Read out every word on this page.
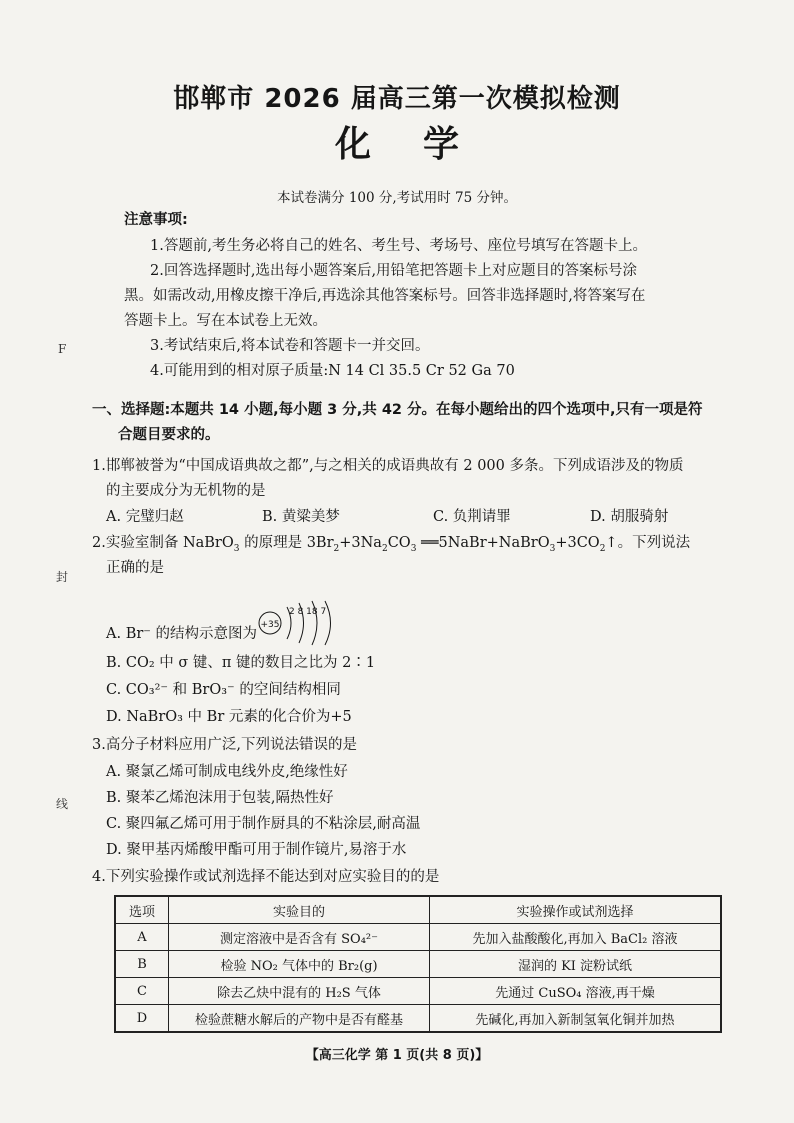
邯郸市 2026 届高三第一次模拟检测
化学
本试卷满分 100 分,考试用时 75 分钟。
F
封
线
注意事项:
1.答题前,考生务必将自己的姓名、考生号、考场号、座位号填写在答题卡上。
2.回答选择题时,选出每小题答案后,用铅笔把答题卡上对应题目的答案标号涂
黑。如需改动,用橡皮擦干净后,再选涂其他答案标号。回答非选择题时,将答案写在
答题卡上。写在本试卷上无效。
3.考试结束后,将本试卷和答题卡一并交回。
4.可能用到的相对原子质量:N 14 Cl 35.5 Cr 52 Ga 70
一、选择题:本题共 14 小题,每小题 3 分,共 42 分。在每小题给出的四个选项中,只有一项是符
合题目要求的。
1.邯郸被誉为“中国成语典故之都”,与之相关的成语典故有 2 000 多条。下列成语涉及的物质
的主要成分为无机物的是
A. 完璧归赵	B. 黄粱美梦	C. 负荆请罪	D. 胡服骑射
2.实验室制备 NaBrO$_3$ 的原理是 $3Br_2+3Na_2CO_3$ $══5NaBr+NaBrO_3+3CO_2↑$。下列说法
正确的是
A. Br⁻ 的结构示意图为
+35
2 8 18 7
B. CO₂ 中 σ 键、π 键的数目之比为 2∶1
C. CO₃²⁻ 和 BrO₃⁻ 的空间结构相同
D. NaBrO₃ 中 Br 元素的化合价为+5
3.高分子材料应用广泛,下列说法错误的是
A. 聚氯乙烯可制成电线外皮,绝缘性好
B. 聚苯乙烯泡沫用于包装,隔热性好
C. 聚四氟乙烯可用于制作厨具的不粘涂层,耐高温
D. 聚甲基丙烯酸甲酯可用于制作镜片,易溶于水
4.下列实验操作或试剂选择不能达到对应实验目的的是
选项	实验目的	实验操作或试剂选择
A	测定溶液中是否含有 SO₄²⁻	先加入盐酸酸化,再加入 BaCl₂ 溶液
B	检验 NO₂ 气体中的 Br₂(g)	湿润的 KI 淀粉试纸
C	除去乙炔中混有的 H₂S 气体	先通过 CuSO₄ 溶液,再干燥
D	检验蔗糖水解后的产物中是否有醛基	先碱化,再加入新制氢氧化铜并加热
【高三化学 第 1 页(共 8 页)】
